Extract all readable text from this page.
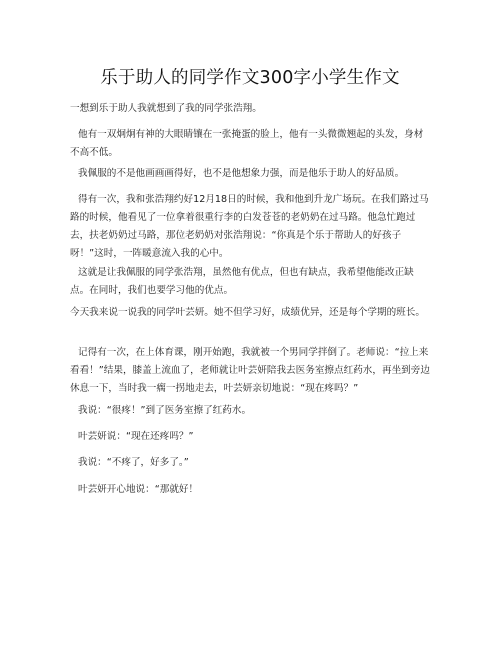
乐于助人的同学作文300字小学生作文

一想到乐于助人我就想到了我的同学张浩翔。

他有一双炯炯有神的大眼睛镶在一张掩蛋的脸上，他有一头微微翘起的头发，身材不高不低。

我佩服的不是他画画画得好，也不是他想象力强，而是他乐于助人的好品质。

得有一次，我和张浩翔约好12月18日的时候，我和他到升龙广场玩。在我们路过马路的时候，他看见了一位拿着很重行李的白发苍苍的老奶奶在过马路。他急忙跑过去，扶老奶奶过马路，那位老奶奶对张浩翔说：“你真是个乐于帮助人的好孩子呀！”这时，一阵暖意流入我的心中。

这就是让我佩服的同学张浩翔，虽然他有优点，但也有缺点，我希望他能改正缺点。在同时，我们也要学习他的优点。

今天我来说一说我的同学叶芸妍。她不但学习好，成绩优异，还是每个学期的班长。

记得有一次，在上体育课，刚开始跑，我就被一个男同学拌倒了。老师说：“拉上来看看！”结果，膝盖上流血了，老师就让叶芸妍陪我去医务室擦点红药水，再坐到旁边休息一下，当时我一瘸一拐地走去，叶芸妍亲切地说：“现在疼吗？”

我说：“很疼！”到了医务室擦了红药水。

叶芸妍说：“现在还疼吗？”

我说：“不疼了，好多了。”

叶芸妍开心地说：“那就好！
